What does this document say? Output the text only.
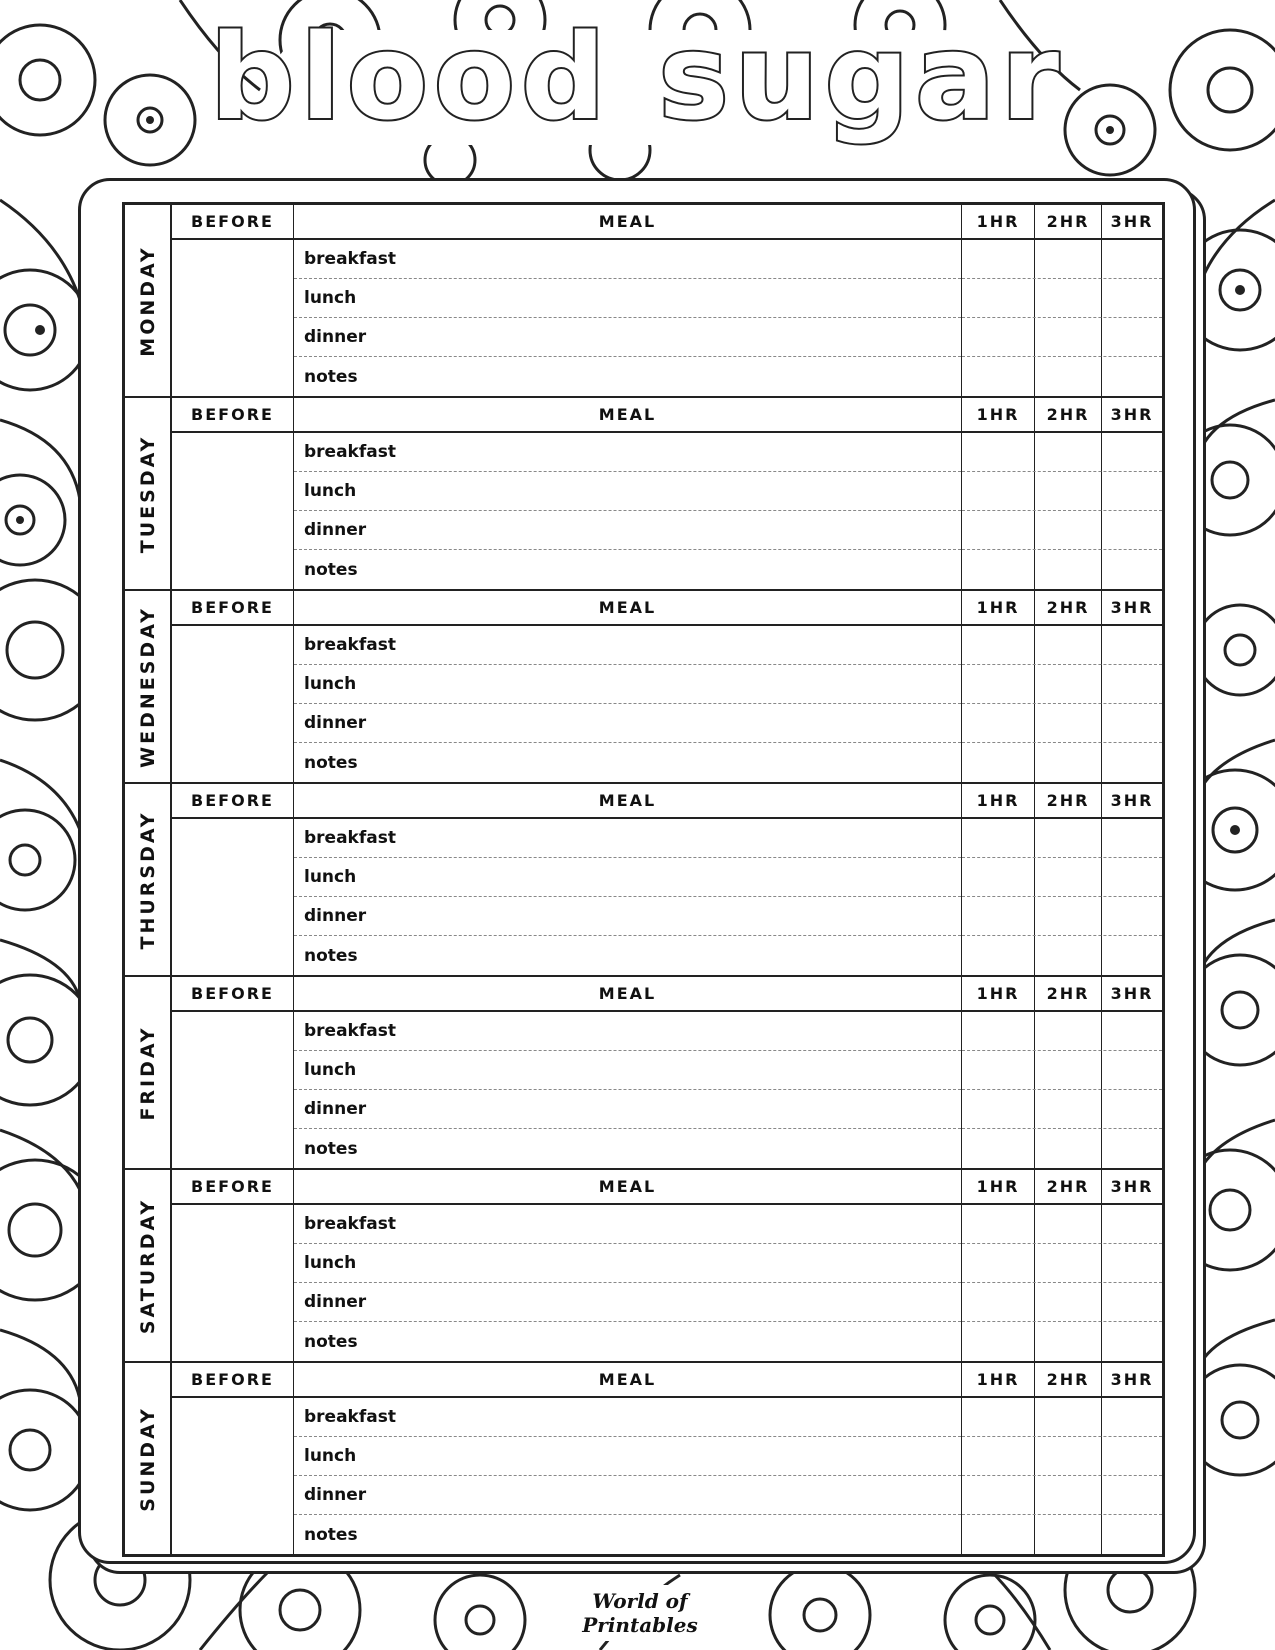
blood sugar
MONDAY
BEFORE	MEAL	1HR	2HR	3HR
breakfast
lunch
dinner
notes
TUESDAY
BEFORE	MEAL	1HR	2HR	3HR
breakfast
lunch
dinner
notes
WEDNESDAY	BEFORE	MEAL	1HR	2HR	3HR
breakfast
lunch
dinner
notes
THURSDAY
BEFORE	MEAL	1HR	2HR	3HR
breakfast
lunch
dinner
notes
FRIDAY
BEFORE	MEAL	1HR	2HR	3HR
breakfast
lunch
dinner
notes
SATURDAY
BEFORE	MEAL	1HR	2HR	3HR
breakfast
lunch
dinner
notes
SUNDAY
BEFORE	MEAL	1HR	2HR	3HR
breakfast
lunch
dinner
notes
World of Printables
